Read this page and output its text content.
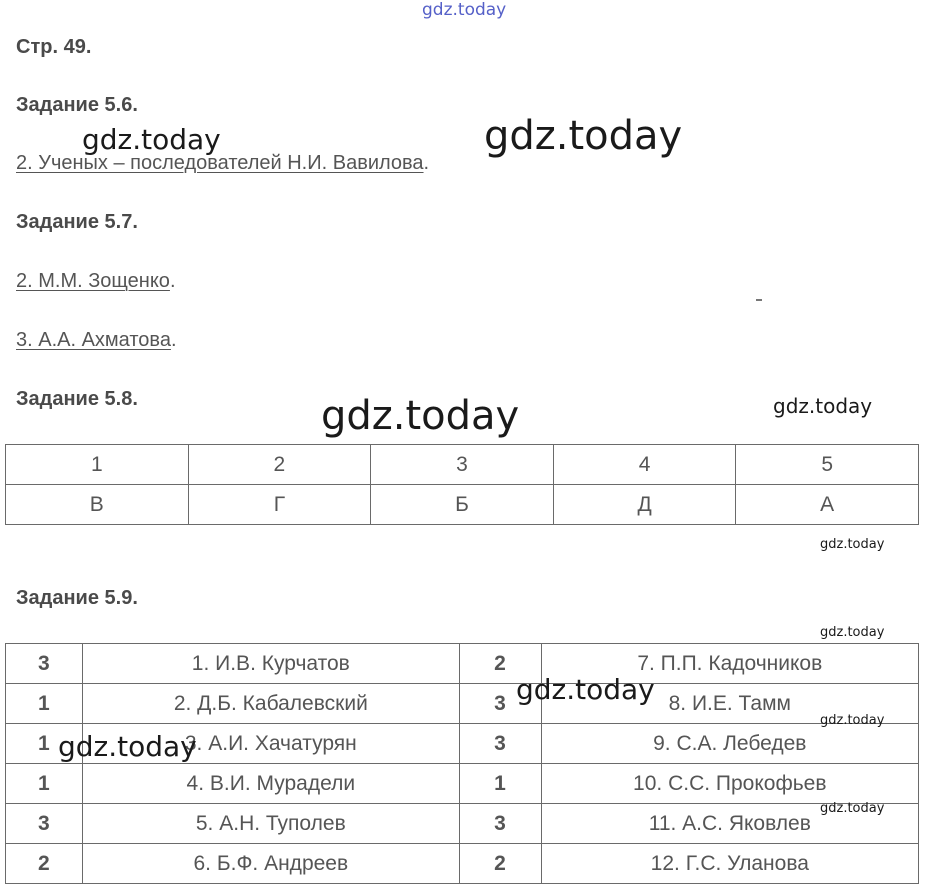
Стр. 49.
Задание 5.6.
2. Ученых – последователей Н.И. Вавилова.
Задание 5.7.
2. М.М. Зощенко.
3. А.А. Ахматова.
Задание 5.8.
1	2	3	4	5
В	Г	Б	Д	А
Задание 5.9.
3	1. И.В. Курчатов	2	7. П.П. Кадочников
1	2. Д.Б. Кабалевский	3	8. И.Е. Тамм
1	3. А.И. Хачатурян	3	9. С.А. Лебедев
1	4. В.И. Мурадели	1	10. С.С. Прокофьев
3	5. А.Н. Туполев	3	11. А.С. Яковлев
2	6. Б.Ф. Андреев	2	12. Г.С. Уланова
gdz.today
gdz.today	gdz.today
gdz.today	gdz.today
gdz.today
gdz.today
gdz.today
gdz.today
gdz.today
gdz.today
